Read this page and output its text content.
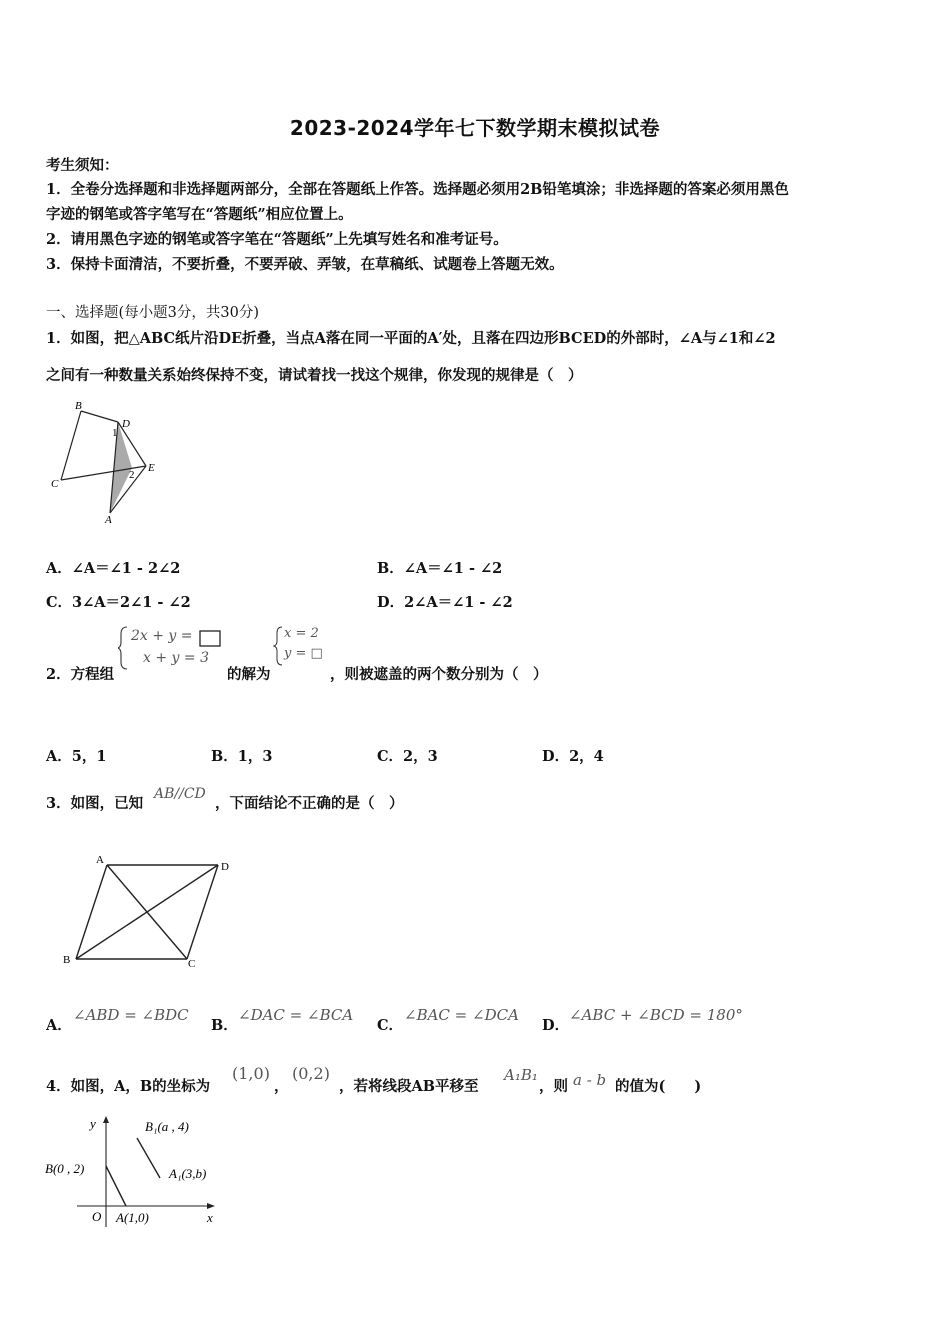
2023-2024学年七下数学期末模拟试卷
考生须知：
1．全卷分选择题和非选择题两部分，全部在答题纸上作答。选择题必须用2B铅笔填涂；非选择题的答案必须用黑色
字迹的钢笔或答字笔写在“答题纸”相应位置上。
2．请用黑色字迹的钢笔或答字笔在“答题纸”上先填写姓名和准考证号。
3．保持卡面清洁，不要折叠，不要弄破、弄皱，在草稿纸、试题卷上答题无效。
一、选择题(每小题3分，共30分)
1．如图，把△ABC纸片沿DE折叠，当点A落在同一平面的A′处，且落在四边形BCED的外部时，∠A与∠1和∠2
之间有一种数量关系始终保持不变，请试着找一找这个规律，你发现的规律是（　）
B
D
1
C
E
2
A
A．∠A＝∠1 - 2∠2	B．∠A＝∠1 - ∠2
C．3∠A＝2∠1 - ∠2	D．2∠A＝∠1 - ∠2
2．方程组
2x + y =
x + y = 3
的解为
x = 2
y = □
，则被遮盖的两个数分别为（　）
A．5，1	B．1，3	C．2，3	D．2，4
3．如图，已知
AB//CD
，下面结论不正确的是（　）
A
D
B	C
A．
∠ABD = ∠BDC
B．
∠DAC = ∠BCA
C．
∠BAC = ∠DCA
D．
∠ABC + ∠BCD = 180°
4．如图，A，B的坐标为
(1,0)
，
(0,2)
，若将线段AB平移至
A₁B₁
，则 a - b 的值为(　　)
y	B₁(a , 4)
B(0 , 2)	A₁(3,b)
O A(1,0)	x
